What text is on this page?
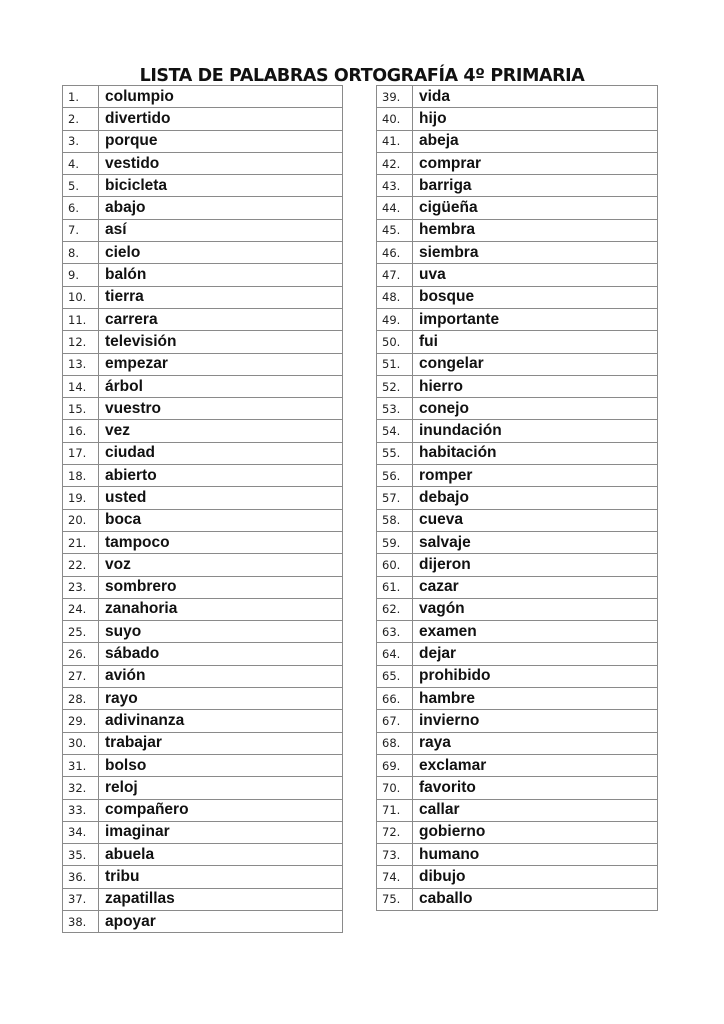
LISTA DE PALABRAS ORTOGRAFÍA 4º PRIMARIA
1.	columpio
2.	divertido
3.	porque
4.	vestido
5.	bicicleta
6.	abajo
7.	así
8.	cielo
9.	balón
10.	tierra
11.	carrera
12.	televisión
13.	empezar
14.	árbol
15.	vuestro
16.	vez
17.	ciudad
18.	abierto
19.	usted
20.	boca
21.	tampoco
22.	voz
23.	sombrero
24.	zanahoria
25.	suyo
26.	sábado
27.	avión
28.	rayo
29.	adivinanza
30.	trabajar
31.	bolso
32.	reloj
33.	compañero
34.	imaginar
35.	abuela
36.	tribu
37.	zapatillas
38.	apoyar
39.	vida
40.	hijo
41.	abeja
42.	comprar
43.	barriga
44.	cigüeña
45.	hembra
46.	siembra
47.	uva
48.	bosque
49.	importante
50.	fui
51.	congelar
52.	hierro
53.	conejo
54.	inundación
55.	habitación
56.	romper
57.	debajo
58.	cueva
59.	salvaje
60.	dijeron
61.	cazar
62.	vagón
63.	examen
64.	dejar
65.	prohibido
66.	hambre
67.	invierno
68.	raya
69.	exclamar
70.	favorito
71.	callar
72.	gobierno
73.	humano
74.	dibujo
75.	caballo
